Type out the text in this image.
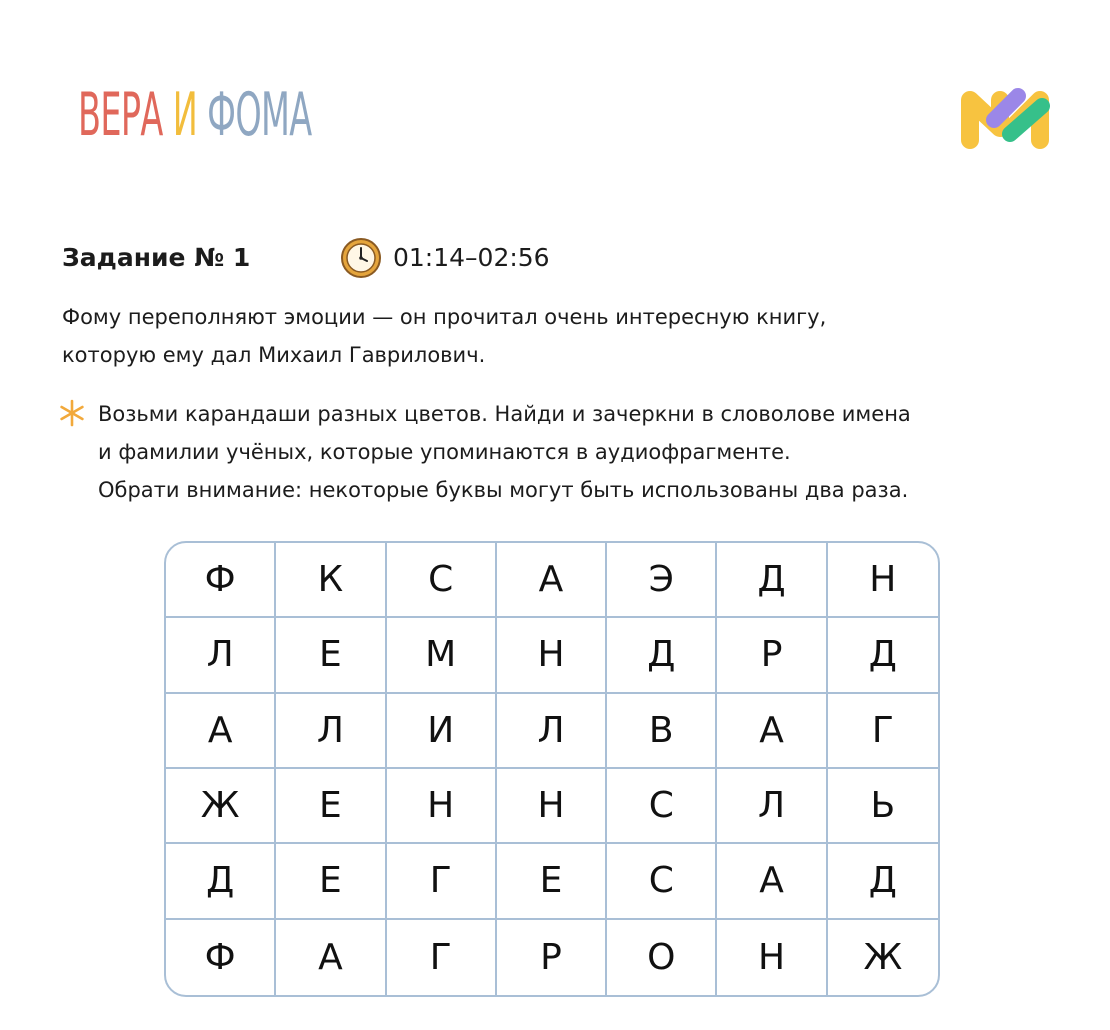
ВЕРА И ФОМА
Задание № 1	01:14–02:56

Фому переполняют эмоции — он прочитал очень интересную книгу,
которую ему дал Михаил Гаврилович.

Возьми карандаши разных цветов. Найди и зачеркни в словолове имена
и фамилии учёных, которые упоминаются в аудиофрагменте.
Обрати внимание: некоторые буквы могут быть использованы два раза.

Ф	К	С	А	Э	Д	Н
Л	Е	М	Н	Д	Р	Д
А	Л	И	Л	В	А	Г
Ж	Е	Н	Н	С	Л	Ь
Д	Е	Г	Е	С	А	Д
Ф	А	Г	Р	О	Н	Ж
